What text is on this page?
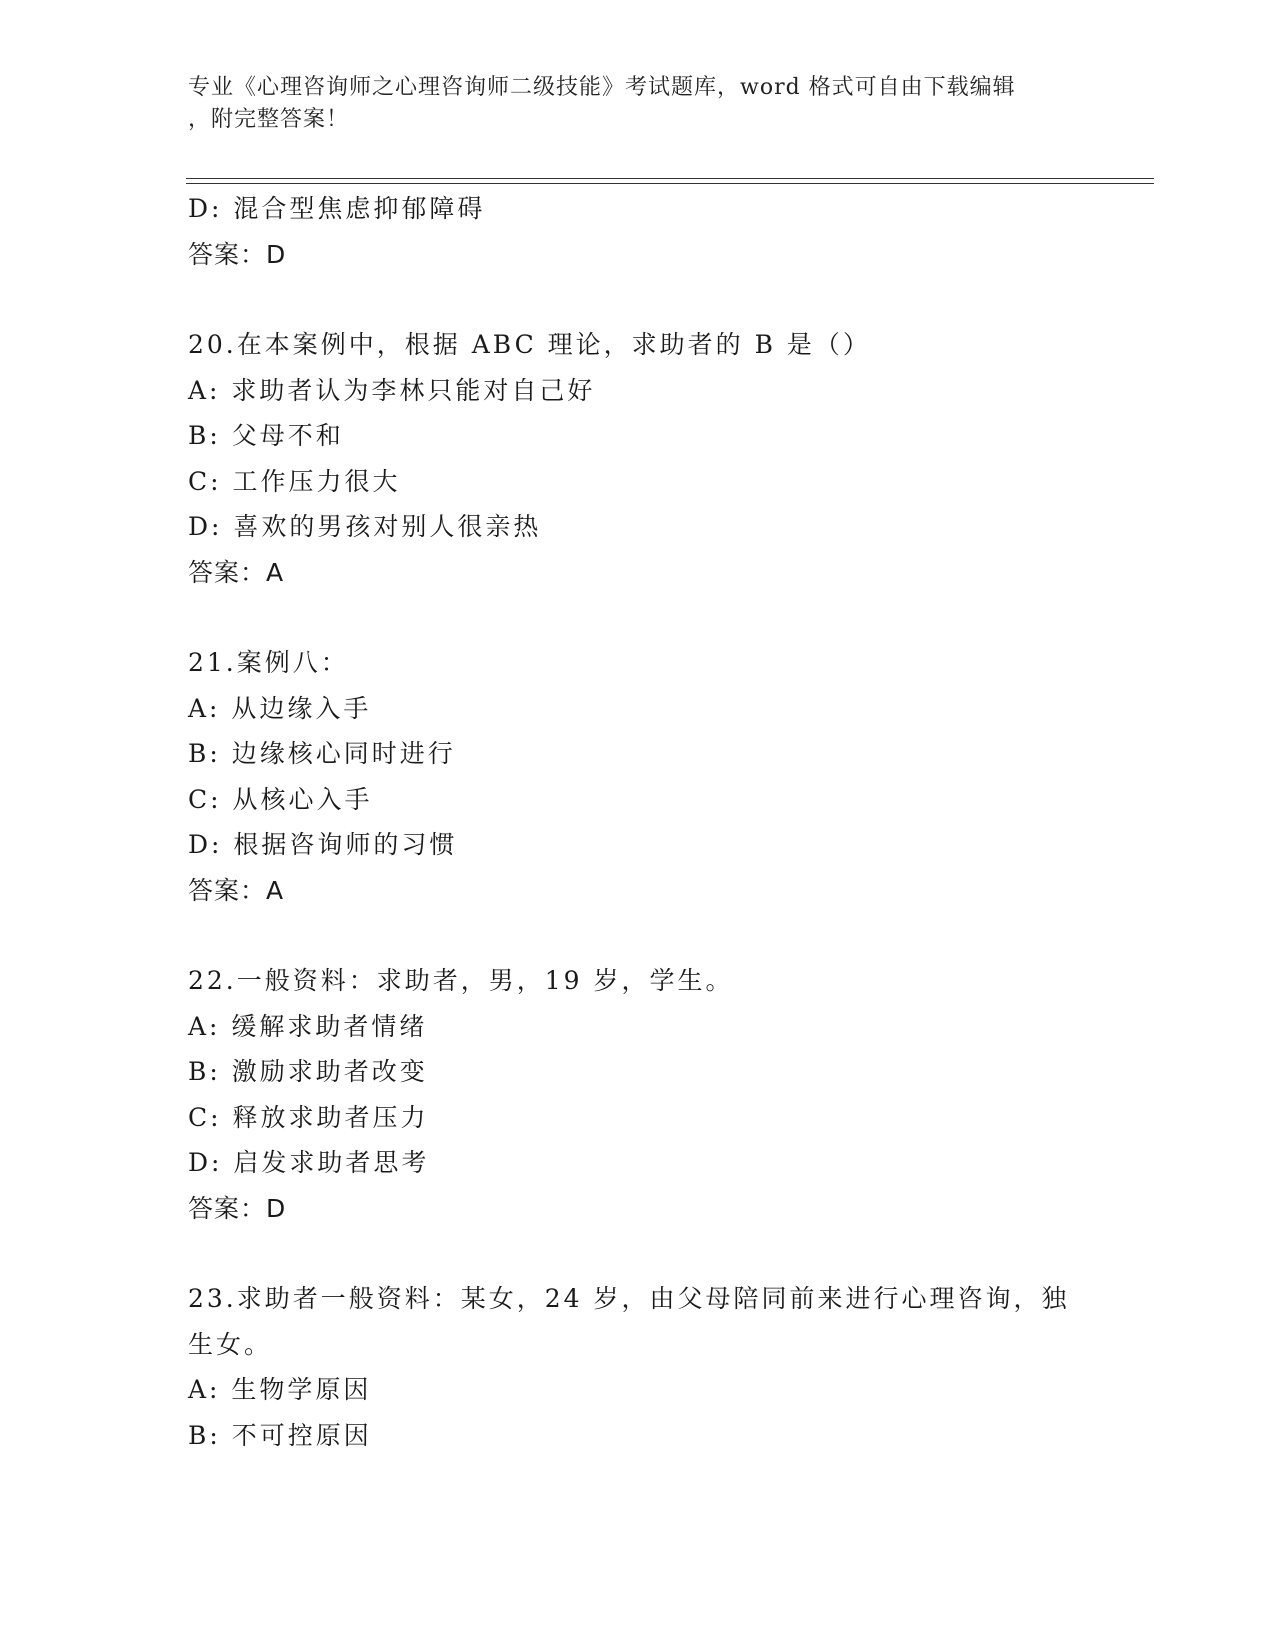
专业《心理咨询师之心理咨询师二级技能》考试题库，word 格式可自由下载编辑
，附完整答案！
D: 混合型焦虑抑郁障碍
答案：D
20.在本案例中，根据 ABC 理论，求助者的 B 是（）
A: 求助者认为李林只能对自己好
B: 父母不和
C: 工作压力很大
D: 喜欢的男孩对别人很亲热
答案：A
21.案例八：
A: 从边缘入手
B: 边缘核心同时进行
C: 从核心入手
D: 根据咨询师的习惯
答案：A
22.一般资料：求助者，男，19 岁，学生。
A: 缓解求助者情绪
B: 激励求助者改变
C: 释放求助者压力
D: 启发求助者思考
答案：D
23.求助者一般资料：某女，24 岁，由父母陪同前来进行心理咨询，独
生女。
A: 生物学原因
B: 不可控原因
